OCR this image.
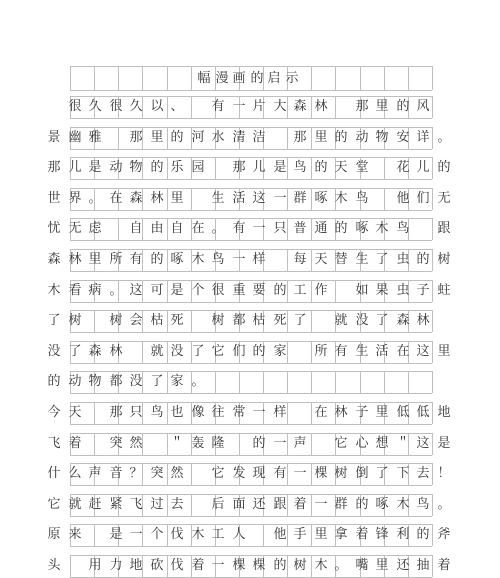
幅 漫 画 的 启 示

很 久 很 久 以 、
　	有 一 片 大 森 林
　	那 里 的 风
景 幽 雅
　	那 里 的 河 水 清 洁
　	那 里 的 动 物 安 详 。
那 儿 是 动 物 的 乐 园
　	那 儿 是 鸟 的 天 堂
　	花 儿 的
世 界 。 在 森 林 里
　	生 活 这 一 群 啄 木 鸟
　	他 们 无
忧 无 虑
　	自 由 自 在 。 有 一 只 普 通 的 啄 木 鸟
　	跟
森 林 里 所 有 的 啄 木 鸟 一 样
　	每 天 替 生 了 虫 的 树
木 看 病 。 这 可 是 个 很 重 要 的 工 作
　	如 果 虫 子 蛀
了 树
　	树 会 枯 死
　	树 都 枯 死 了
　	就 没 了 森 林
没 了 森 林
　	就 没 了 它 们 的 家
　	所 有 生 活 在 这 里
的 动 物 都 没 了 家 。
今 天
　	那 只 鸟 也 像 往 常 一 样
　	在 林 子 里 低 低 地
飞 着
　	突 然
　	＂ 轰 隆
　	的 一 声
　	它 心 想 ＂ 这 是
什 么 声 音 ？ 突 然
　	它 发 现 有 一 棵 树 倒 了 下 去 ！
它 就 赶 紧 飞 过 去
　	后 面 还 跟 着 一 群 的 啄 木 鸟 。
原 来
　	是 一 个 伐 木 工 人
　	他 手 里 拿 着 锋 利 的 斧
头
　	用 力 地 砍 伐 着 一 棵 棵 的 树 木 。 嘴 里 还 抽 着
